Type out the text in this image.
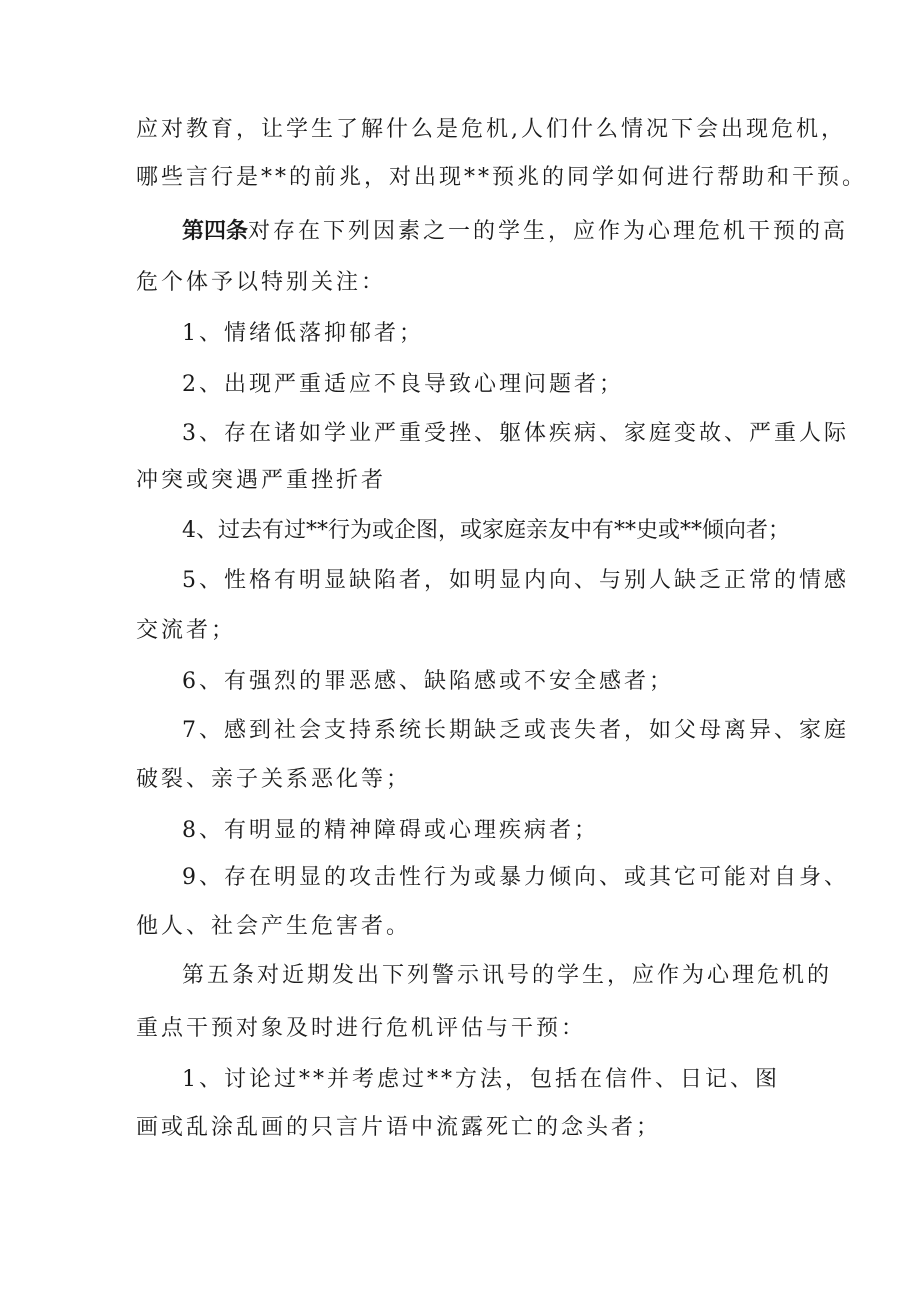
应对教育，让学生了解什么是危机,人们什么情况下会出现危机，
哪些言行是**的前兆，对出现**预兆的同学如何进行帮助和干预。
第四条对存在下列因素之一的学生，应作为心理危机干预的高
危个体予以特别关注：
1、情绪低落抑郁者；
2、出现严重适应不良导致心理问题者；
3、存在诸如学业严重受挫、躯体疾病、家庭变故、严重人际
冲突或突遇严重挫折者
4、过去有过**行为或企图，或家庭亲友中有**史或**倾向者；
5、性格有明显缺陷者，如明显内向、与别人缺乏正常的情感
交流者；
6、有强烈的罪恶感、缺陷感或不安全感者；
7、感到社会支持系统长期缺乏或丧失者，如父母离异、家庭
破裂、亲子关系恶化等；
8、有明显的精神障碍或心理疾病者；
9、存在明显的攻击性行为或暴力倾向、或其它可能对自身、
他人、社会产生危害者。
第五条对近期发出下列警示讯号的学生，应作为心理危机的
重点干预对象及时进行危机评估与干预：
1、讨论过**并考虑过**方法，包括在信件、日记、图
画或乱涂乱画的只言片语中流露死亡的念头者；
